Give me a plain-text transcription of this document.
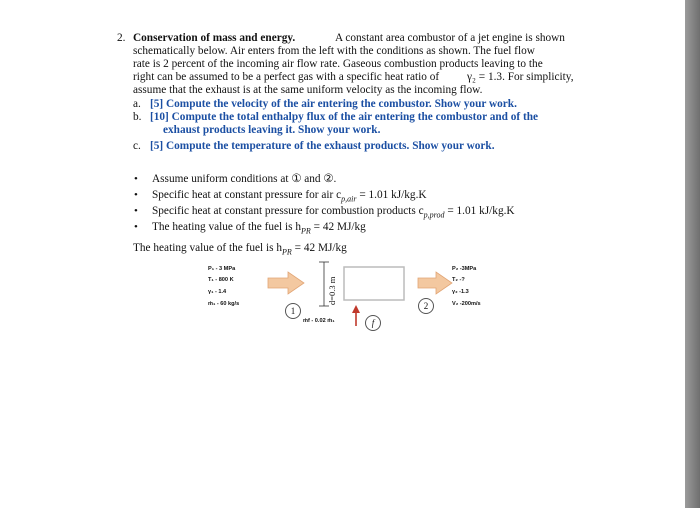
2. Conservation of mass and energy.	A constant area combustor of a jet engine is shown
schematically below. Air enters from the left with the conditions as shown. The fuel flow
rate is 2 percent of the incoming air flow rate. Gaseous combustion products leaving to the
right can be assumed to be a perfect gas with a specific heat ratio of γ₂ = 1.3. For simplicity,
assume that the exhaust is at the same uniform velocity as the incoming flow.
a. [5] Compute the velocity of the air entering the combustor. Show your work.
b. [10] Compute the total enthalpy flux of the air entering the combustor and of the
exhaust products leaving it. Show your work.
c. [5] Compute the temperature of the exhaust products. Show your work.
• Assume uniform conditions at ① and ②.
• Specific heat at constant pressure for air $c_{p,air} = 1.01$ kJ/kg.K
• Specific heat at constant pressure for combustion products $c_{p,prod} = 1.01$ kJ/kg.K
• The heating value of the fuel is $h_{PR} = 42$ MJ/kg
The heating value of the fuel is $h_{PR} = 42$ MJ/kg
P₁ - 3 MPa
T₁ - 800 K
γ₁ - 1.4
ṁ₁ - 60 kg/s	d=0.3 m
1	2
f
ṁf - 0.02 ṁ₁
P₂ -3MPa
T₂ -?
γ₂ -1.3
V₂ -200m/s
